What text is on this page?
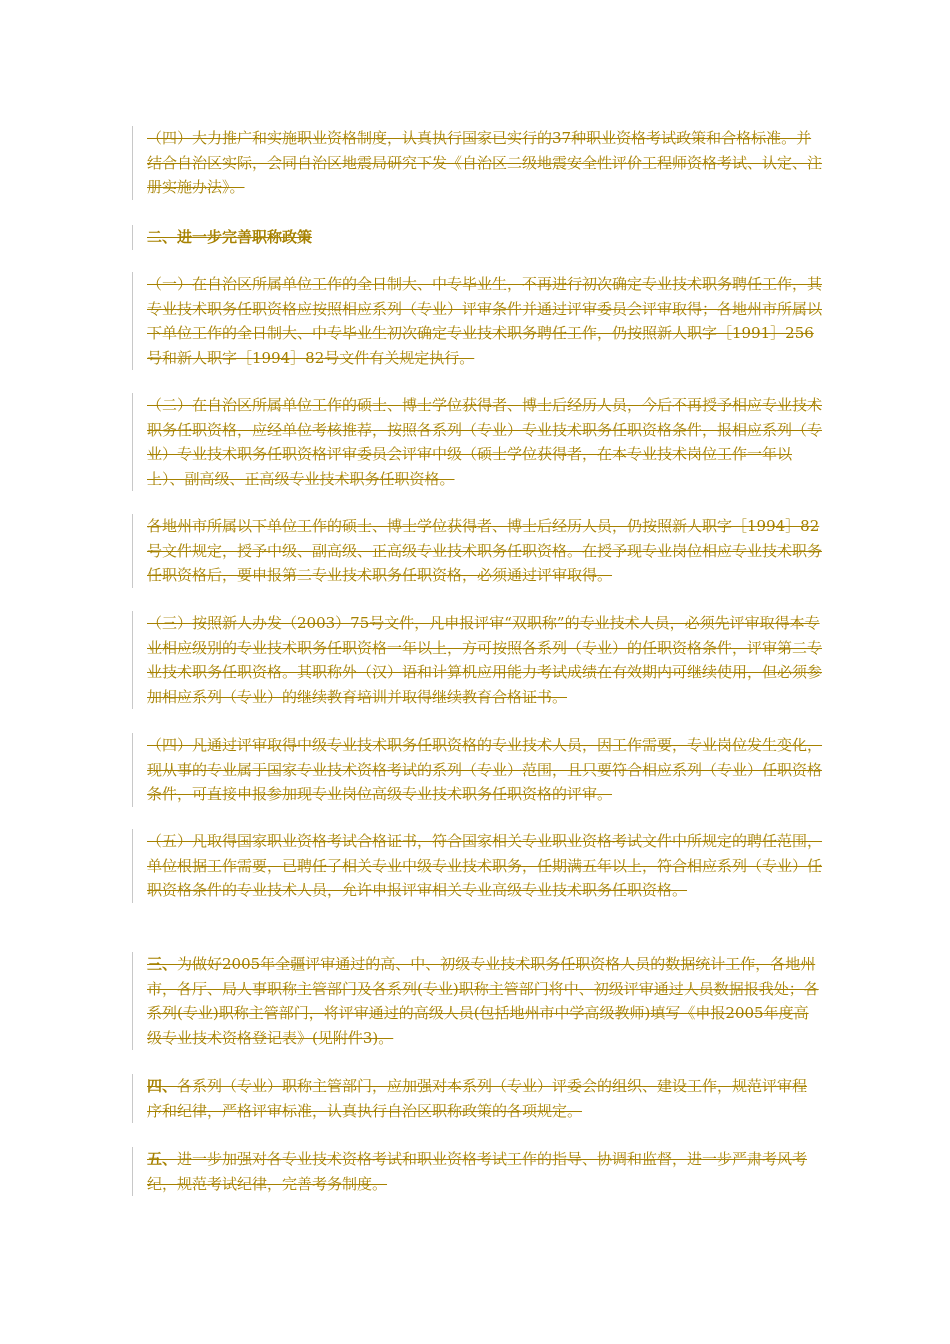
（四）大力推广和实施职业资格制度，认真执行国家已实行的37种职业资格考试政策和合格标准。并结合自治区实际，会同自治区地震局研究下发《自治区二级地震安全性评价工程师资格考试、认定、注册实施办法》。
二、进一步完善职称政策
（一）在自治区所属单位工作的全日制大、中专毕业生，不再进行初次确定专业技术职务聘任工作，其专业技术职务任职资格应按照相应系列（专业）评审条件并通过评审委员会评审取得；各地州市所属以下单位工作的全日制大、中专毕业生初次确定专业技术职务聘任工作，仍按照新人职字［1991］256号和新人职字［1994］82号文件有关规定执行。
（二）在自治区所属单位工作的硕士、博士学位获得者、博士后经历人员，今后不再授予相应专业技术职务任职资格，应经单位考核推荐，按照各系列（专业）专业技术职务任职资格条件，报相应系列（专业）专业技术职务任职资格评审委员会评审中级（硕士学位获得者，在本专业技术岗位工作一年以上）、副高级、正高级专业技术职务任职资格。
各地州市所属以下单位工作的硕士、博士学位获得者、博士后经历人员，仍按照新人职字［1994］82号文件规定，授予中级、副高级、正高级专业技术职务任职资格。在授予现专业岗位相应专业技术职务任职资格后，要申报第二专业技术职务任职资格，必须通过评审取得。
（三）按照新人办发（2003）75号文件，凡申报评审“双职称”的专业技术人员，必须先评审取得本专业相应级别的专业技术职务任职资格一年以上，方可按照各系列（专业）的任职资格条件，评审第二专业技术职务任职资格。其职称外（汉）语和计算机应用能力考试成绩在有效期内可继续使用，但必须参加相应系列（专业）的继续教育培训并取得继续教育合格证书。
（四）凡通过评审取得中级专业技术职务任职资格的专业技术人员，因工作需要，专业岗位发生变化，现从事的专业属于国家专业技术资格考试的系列（专业）范围，且只要符合相应系列（专业）任职资格条件，可直接申报参加现专业岗位高级专业技术职务任职资格的评审。
（五）凡取得国家职业资格考试合格证书，符合国家相关专业职业资格考试文件中所规定的聘任范围，单位根据工作需要，已聘任了相关专业中级专业技术职务，任期满五年以上，符合相应系列（专业）任职资格条件的专业技术人员，允许申报评审相关专业高级专业技术职务任职资格。
三、为做好2005年全疆评审通过的高、中、初级专业技术职务任职资格人员的数据统计工作，各地州市，各厅、局人事职称主管部门及各系列(专业)职称主管部门将中、初级评审通过人员数据报我处；各系列(专业)职称主管部门，将评审通过的高级人员(包括地州市中学高级教师)填写《申报2005年度高级专业技术资格登记表》(见附件3)。
四、各系列（专业）职称主管部门，应加强对本系列（专业）评委会的组织、建设工作，规范评审程序和纪律，严格评审标准，认真执行自治区职称政策的各项规定。
五、进一步加强对各专业技术资格考试和职业资格考试工作的指导、协调和监督，进一步严肃考风考纪，规范考试纪律，完善考务制度。
